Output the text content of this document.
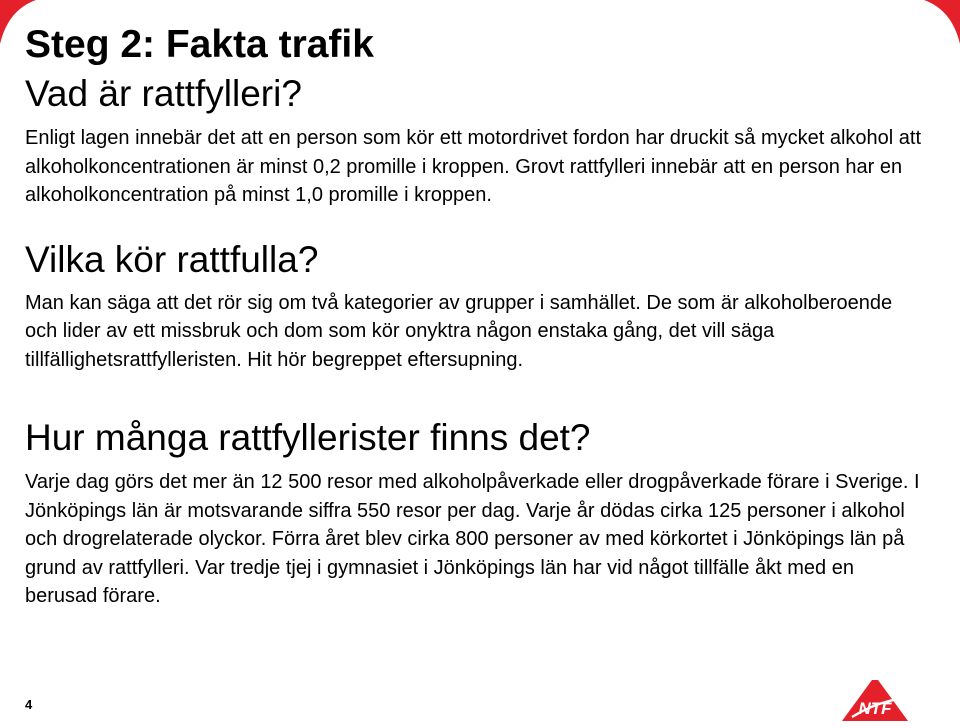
Steg 2: Fakta trafik
Vad är rattfylleri?

Enligt lagen innebär det att en person som kör ett motordrivet fordon har druckit så mycket alkohol att alkoholkoncentrationen är minst 0,2 promille i kroppen. Grovt rattfylleri innebär att en person har en alkoholkoncentration på minst 1,0 promille i kroppen.

Vilka kör rattfulla?

Man kan säga att det rör sig om två kategorier av grupper i samhället. De som är alkoholberoende och lider av ett missbruk och dom som kör onyktra någon enstaka gång, det vill säga tillfällighetsrattfylleristen. Hit hör begreppet eftersupning.

Hur många rattfyllerister finns det?

Varje dag görs det mer än 12 500 resor med alkoholpåverkade eller drogpåverkade förare i Sverige. I Jönköpings län är motsvarande siffra 550 resor per dag. Varje år dödas cirka 125 personer i alkohol och drogrelaterade olyckor. Förra året blev cirka 800 personer av med körkortet i Jönköpings län på grund av rattfylleri. Var tredje tjej i gymnasiet i Jönköpings län har vid något tillfälle åkt med en berusad förare.

4	NTF
